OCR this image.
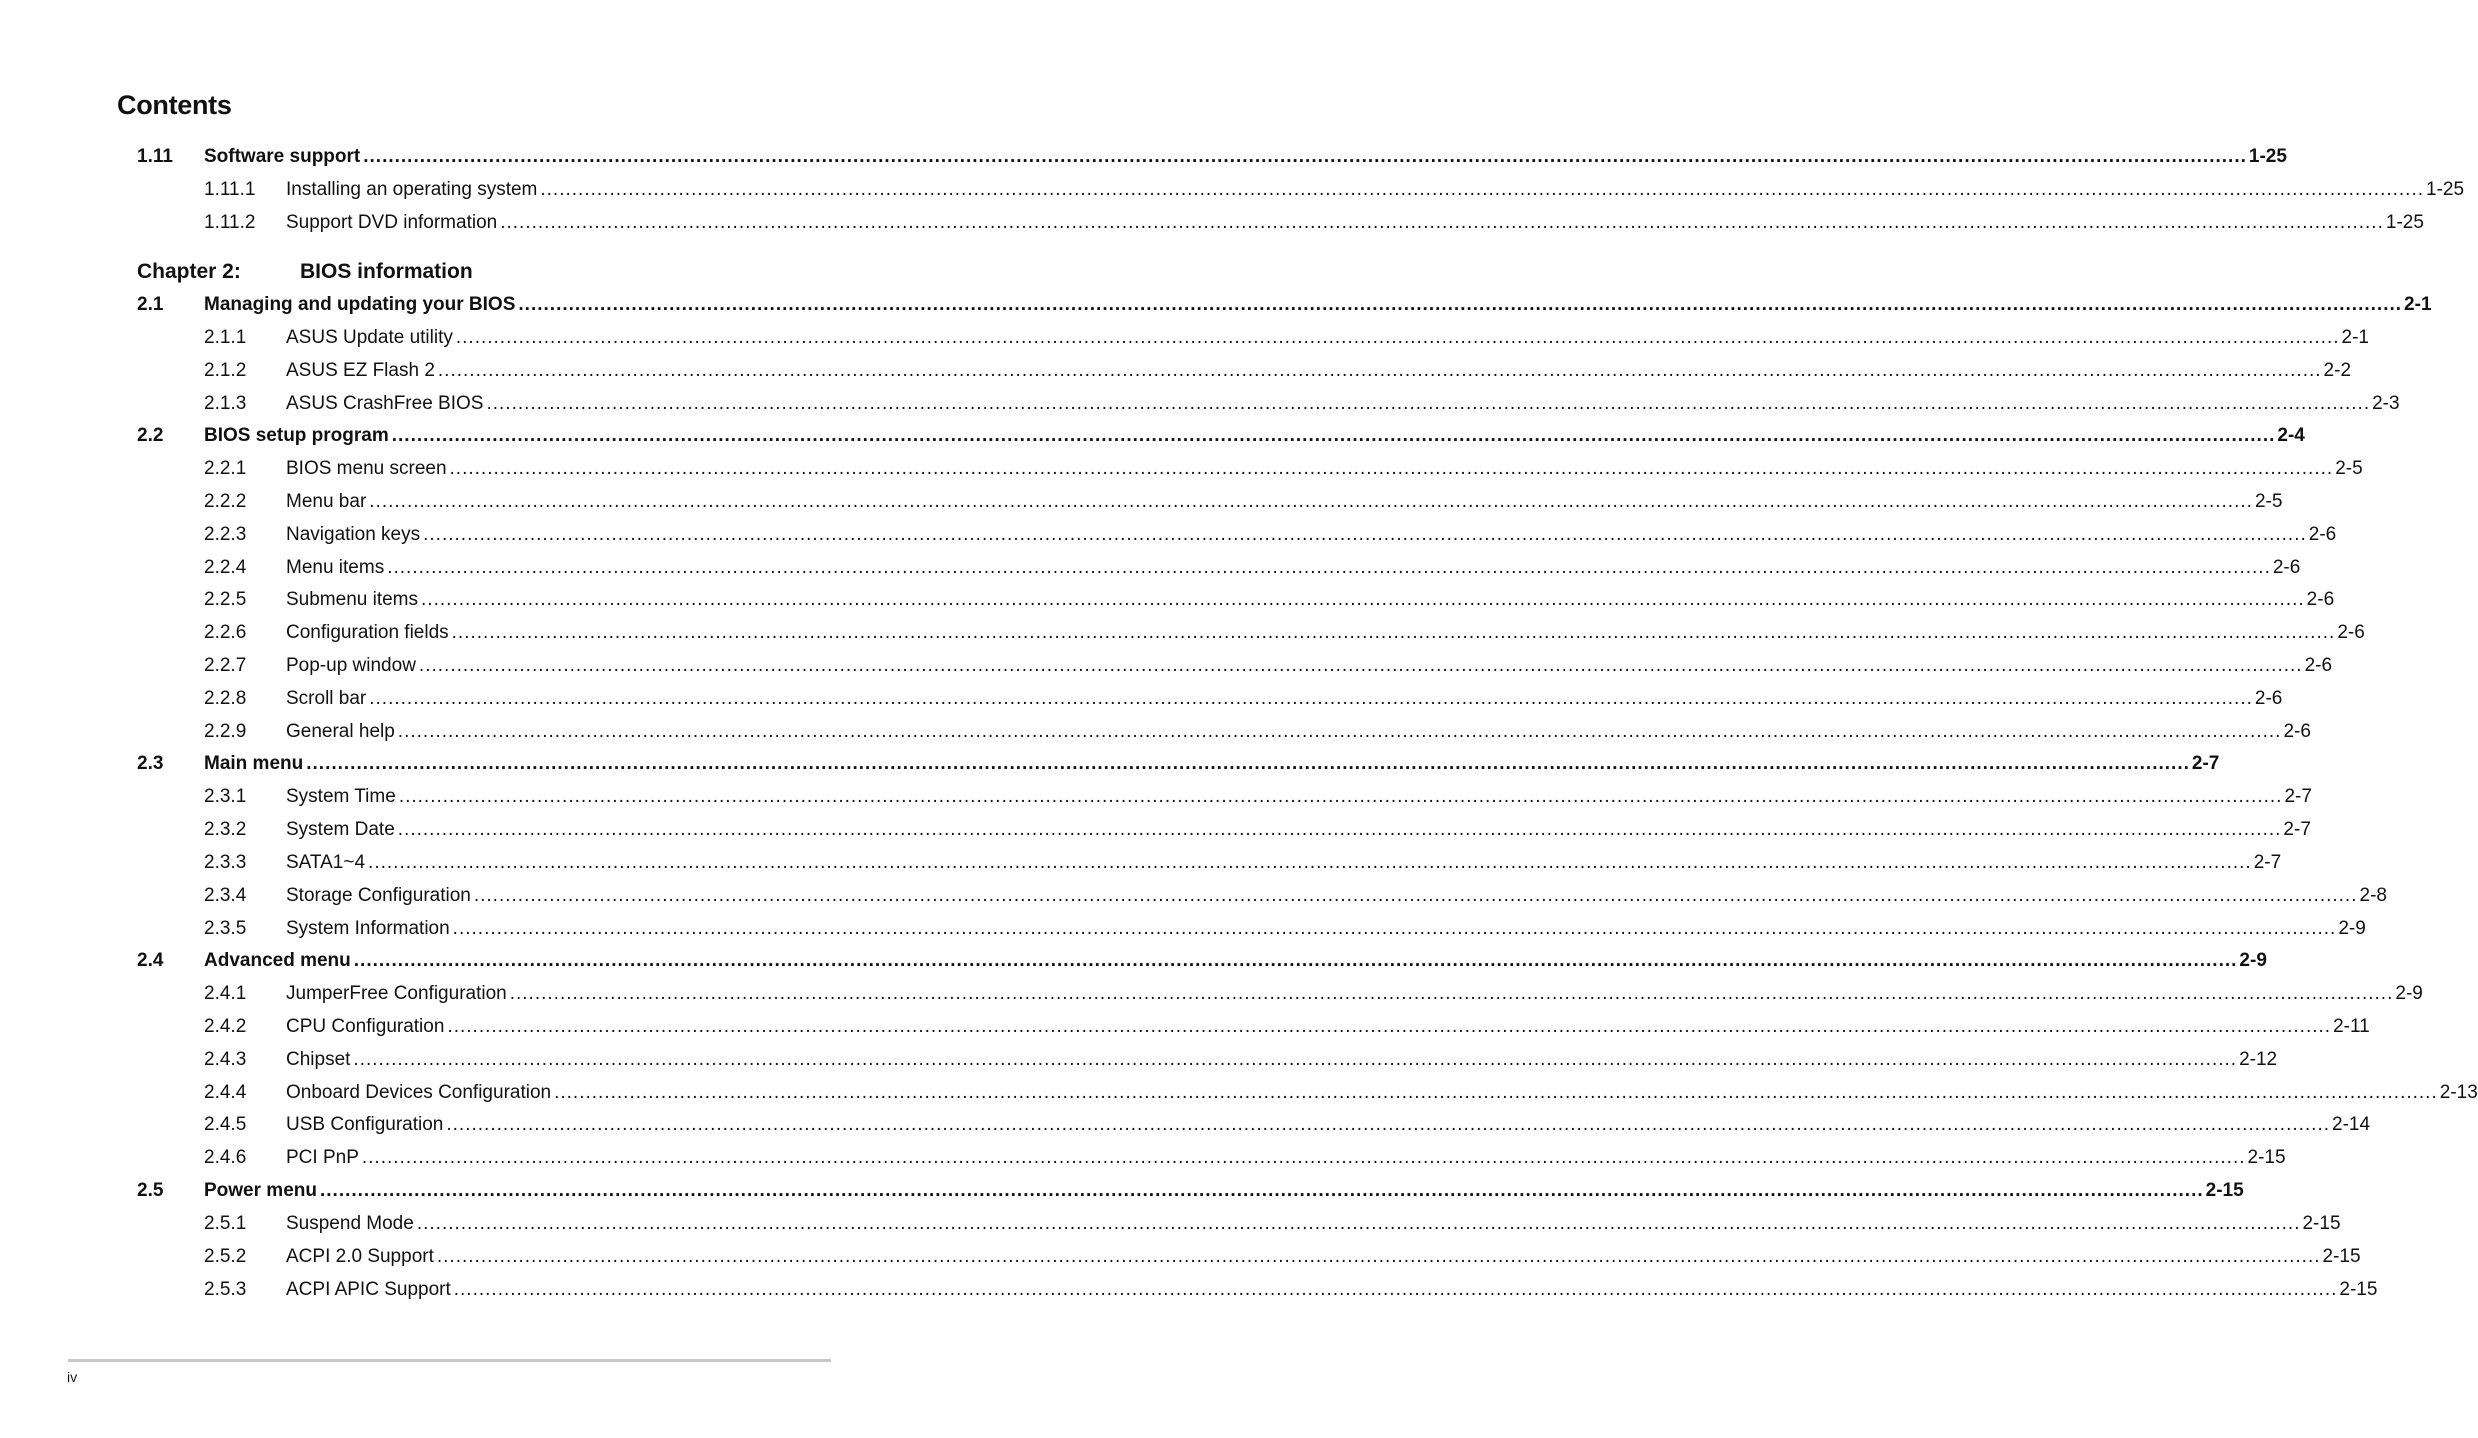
Contents
Chapter 2:	BIOS information
1.11 Software support ............................................................................................................................................................................................................................................................................................................ 1-25
1.11.1 Installing an operating system ............................................................................................................................................................................................................................................................................................................ 1-25
1.11.2 Support DVD information ............................................................................................................................................................................................................................................................................................................ 1-25
2.1 Managing and updating your BIOS ............................................................................................................................................................................................................................................................................................................ 2-1
2.1.1 ASUS Update utility ............................................................................................................................................................................................................................................................................................................ 2-1
2.1.2 ASUS EZ Flash 2 ............................................................................................................................................................................................................................................................................................................ 2-2
2.1.3 ASUS CrashFree BIOS ............................................................................................................................................................................................................................................................................................................ 2-3
2.2 BIOS setup program ............................................................................................................................................................................................................................................................................................................ 2-4
2.2.1 BIOS menu screen ............................................................................................................................................................................................................................................................................................................ 2-5
2.2.2 Menu bar ............................................................................................................................................................................................................................................................................................................ 2-5
2.2.3 Navigation keys ............................................................................................................................................................................................................................................................................................................ 2-6
2.2.4 Menu items ............................................................................................................................................................................................................................................................................................................ 2-6
2.2.5 Submenu items ............................................................................................................................................................................................................................................................................................................ 2-6
2.2.6 Configuration fields ............................................................................................................................................................................................................................................................................................................ 2-6
2.2.7 Pop-up window ............................................................................................................................................................................................................................................................................................................ 2-6
2.2.8 Scroll bar ............................................................................................................................................................................................................................................................................................................ 2-6
2.2.9 General help ............................................................................................................................................................................................................................................................................................................ 2-6
2.3 Main menu ............................................................................................................................................................................................................................................................................................................ 2-7
2.3.1 System Time ............................................................................................................................................................................................................................................................................................................ 2-7
2.3.2 System Date ............................................................................................................................................................................................................................................................................................................ 2-7
2.3.3 SATA1~4 ............................................................................................................................................................................................................................................................................................................ 2-7
2.3.4 Storage Configuration ............................................................................................................................................................................................................................................................................................................ 2-8
2.3.5 System Information ............................................................................................................................................................................................................................................................................................................ 2-9
2.4 Advanced menu ............................................................................................................................................................................................................................................................................................................ 2-9
2.4.1 JumperFree Configuration ............................................................................................................................................................................................................................................................................................................ 2-9
2.4.2 CPU Configuration ............................................................................................................................................................................................................................................................................................................ 2-11
2.4.3 Chipset ............................................................................................................................................................................................................................................................................................................ 2-12
2.4.4 Onboard Devices Configuration ............................................................................................................................................................................................................................................................................................................ 2-13
2.4.5 USB Configuration ............................................................................................................................................................................................................................................................................................................ 2-14
2.4.6 PCI PnP ............................................................................................................................................................................................................................................................................................................ 2-15
2.5 Power menu ............................................................................................................................................................................................................................................................................................................ 2-15
2.5.1 Suspend Mode ............................................................................................................................................................................................................................................................................................................ 2-15
2.5.2 ACPI 2.0 Support ............................................................................................................................................................................................................................................................................................................ 2-15
2.5.3 ACPI APIC Support ............................................................................................................................................................................................................................................................................................................ 2-15
iv
